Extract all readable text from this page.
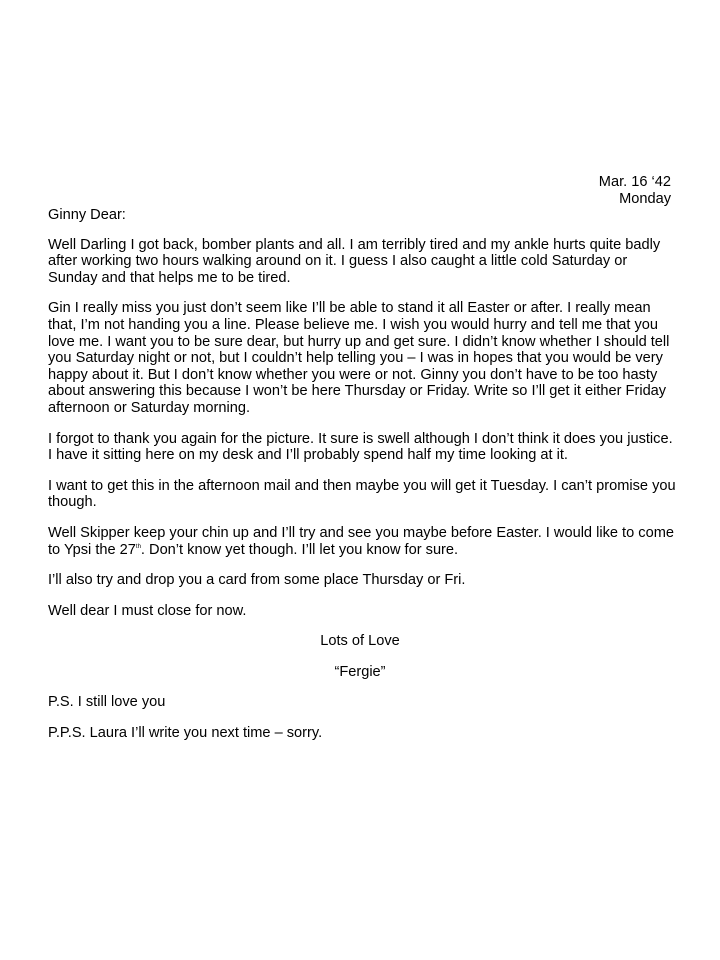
Mar. 16 ‘42
Monday

Ginny Dear:

Well Darling I got back, bomber plants and all. I am terribly tired and my ankle hurts quite badly after working two hours walking around on it. I guess I also caught a little cold Saturday or Sunday and that helps me to be tired.

Gin I really miss you just don’t seem like I’ll be able to stand it all Easter or after. I really mean that, I’m not handing you a line. Please believe me. I wish you would hurry and tell me that you love me. I want you to be sure dear, but hurry up and get sure. I didn’t know whether I should tell you Saturday night or not, but I couldn’t help telling you – I was in hopes that you would be very happy about it. But I don’t know whether you were or not. Ginny you don’t have to be too hasty about answering this because I won’t be here Thursday or Friday. Write so I’ll get it either Friday afternoon or Saturday morning.

I forgot to thank you again for the picture. It sure is swell although I don’t think it does you justice. I have it sitting here on my desk and I’ll probably spend half my time looking at it.

I want to get this in the afternoon mail and then maybe you will get it Tuesday. I can’t promise you though.

Well Skipper keep your chin up and I’ll try and see you maybe before Easter. I would like to come to Ypsi the 27th. Don’t know yet though. I’ll let you know for sure.

I’ll also try and drop you a card from some place Thursday or Fri.

Well dear I must close for now.

Lots of Love

“Fergie”

P.S. I still love you

P.P.S. Laura I’ll write you next time – sorry.
